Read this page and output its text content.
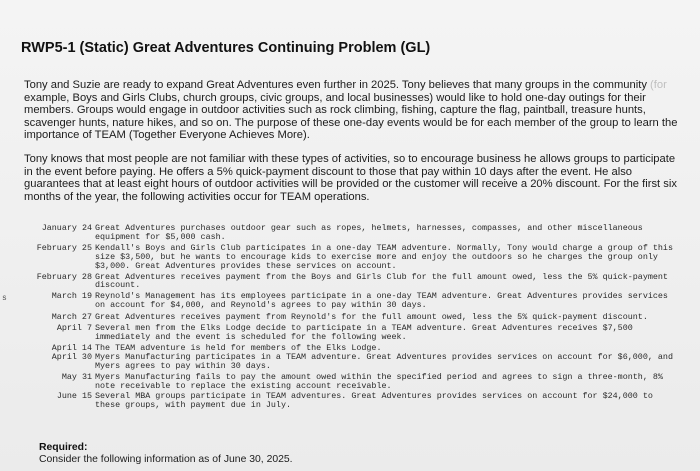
RWP5-1 (Static) Great Adventures Continuing Problem (GL)
Tony and Suzie are ready to expand Great Adventures even further in 2025. Tony believes that many groups in the community (for example, Boys and Girls Clubs, church groups, civic groups, and local businesses) would like to hold one-day outings for their members. Groups would engage in outdoor activities such as rock climbing, fishing, capture the flag, paintball, treasure hunts, scavenger hunts, nature hikes, and so on. The purpose of these one-day events would be for each member of the group to learn the importance of TEAM (Together Everyone Achieves More).
Tony knows that most people are not familiar with these types of activities, so to encourage business he allows groups to participate in the event before paying. He offers a 5% quick-payment discount to those that pay within 10 days after the event. He also guarantees that at least eight hours of outdoor activities will be provided or the customer will receive a 20% discount. For the first six months of the year, the following activities occur for TEAM operations.
s
January 24 Great Adventures purchases outdoor gear such as ropes, helmets, harnesses, compasses, and other miscellaneous equipment for $5,000 cash.
February 25 Kendall's Boys and Girls Club participates in a one-day TEAM adventure. Normally, Tony would charge a group of this size $3,500, but he wants to encourage kids to exercise more and enjoy the outdoors so he charges the group only $3,000. Great Adventures provides these services on account.
February 28 Great Adventures receives payment from the Boys and Girls Club for the full amount owed, less the 5% quick-payment discount.
March 19 Reynold's Management has its employees participate in a one-day TEAM adventure. Great Adventures provides services on account for $4,000, and Reynold's agrees to pay within 30 days.
March 27 Great Adventures receives payment from Reynold's for the full amount owed, less the 5% quick-payment discount.
April 7 Several men from the Elks Lodge decide to participate in a TEAM adventure. Great Adventures receives $7,500 immediately and the event is scheduled for the following week.
April 14 The TEAM adventure is held for members of the Elks Lodge.
April 30 Myers Manufacturing participates in a TEAM adventure. Great Adventures provides services on account for $6,000, and Myers agrees to pay within 30 days.
May 31 Myers Manufacturing fails to pay the amount owed within the specified period and agrees to sign a three-month, 8% note receivable to replace the existing account receivable.
June 15 Several MBA groups participate in TEAM adventures. Great Adventures provides services on account for $24,000 to these groups, with payment due in July.
Required:
Consider the following information as of June 30, 2025.
